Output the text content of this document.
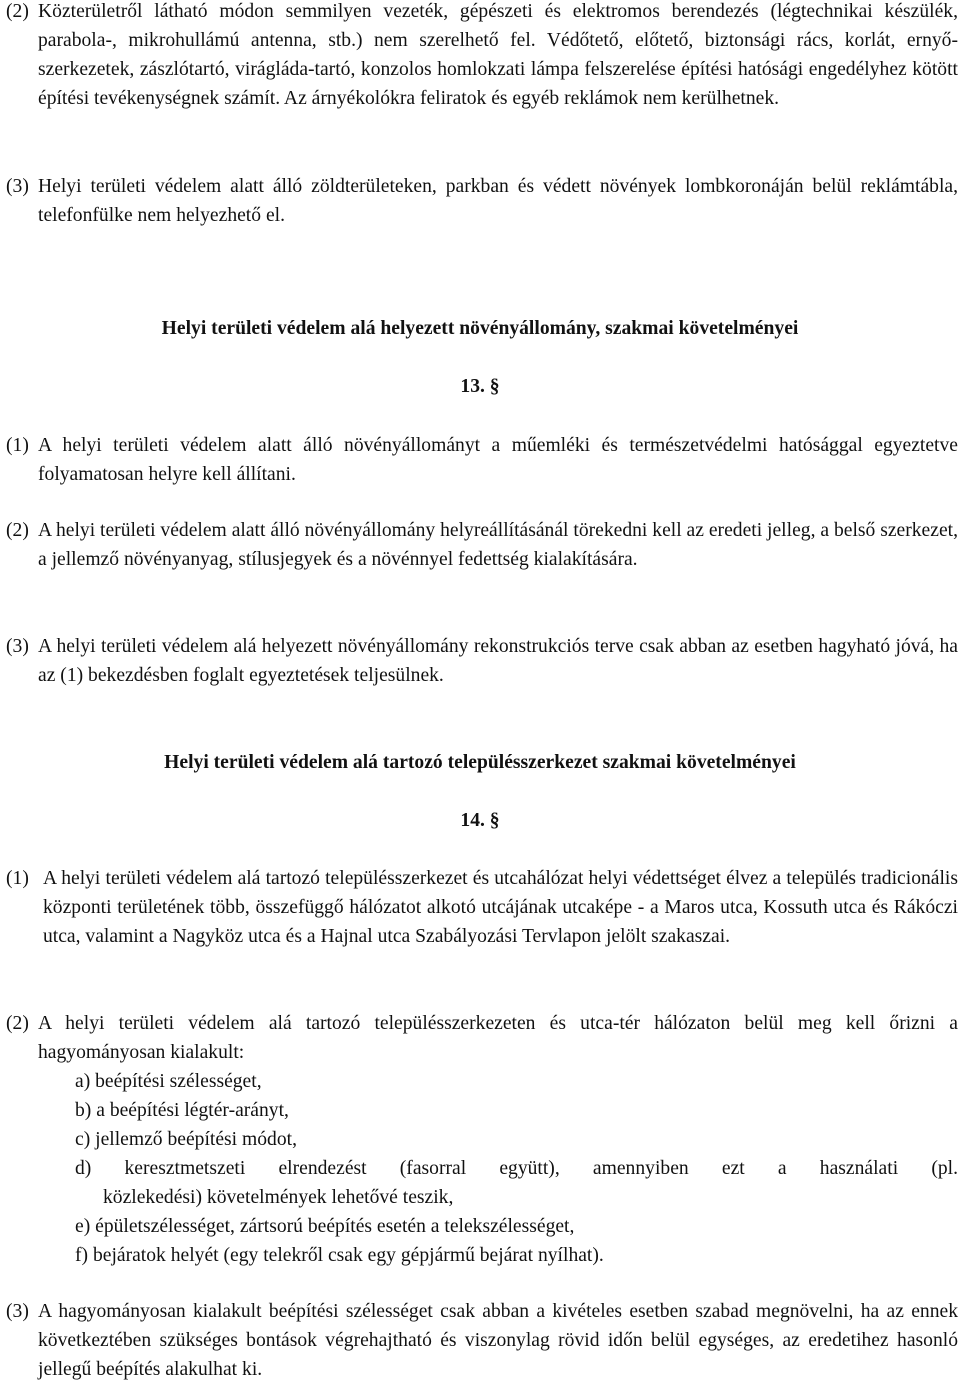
(2) Közterületről látható módon semmilyen vezeték, gépészeti és elektromos berendezés (légtechnikai készülék, parabola-, mikrohullámú antenna, stb.) nem szerelhető fel. Védőtető, előtető, biztonsági rács, korlát, ernyő-szerkezetek, zászlótartó, virágláda-tartó, konzolos homlokzati lámpa felszerelése építési hatósági engedélyhez kötött építési tevékenységnek számít. Az árnyékolókra feliratok és egyéb reklámok nem kerülhetnek.
(3) Helyi területi védelem alatt álló zöldterületeken, parkban és védett növények lombkoronáján belül reklámtábla, telefonfülke nem helyezhető el.
Helyi területi védelem alá helyezett növényállomány, szakmai követelményei
13. §
(1) A helyi területi védelem alatt álló növényállományt a műemléki és természetvédelmi hatósággal egyeztetve folyamatosan helyre kell állítani.
(2) A helyi területi védelem alatt álló növényállomány helyreállításánál törekedni kell az eredeti jelleg, a belső szerkezet, a jellemző növényanyag, stílusjegyek és a növénnyel fedettség kialakítására.
(3) A helyi területi védelem alá helyezett növényállomány rekonstrukciós terve csak abban az esetben hagyható jóvá, ha az (1) bekezdésben foglalt egyeztetések teljesülnek.
Helyi területi védelem alá tartozó településszerkezet szakmai követelményei
14. §
(1) A helyi területi védelem alá tartozó településszerkezet és utcahálózat helyi védettséget élvez a település tradicionális központi területének több, összefüggő hálózatot alkotó utcájának utcaképe - a Maros utca, Kossuth utca és Rákóczi utca, valamint a Nagyköz utca és a Hajnal utca Szabályozási Tervlapon jelölt szakaszai.
(2) A helyi területi védelem alá tartozó településszerkezeten és utca-tér hálózaton belül meg kell őrizni a hagyományosan kialakult:
a) beépítési szélességet,
b) a beépítési légtér-arányt,
c) jellemző beépítési módot,
d) keresztmetszeti elrendezést (fasorral együtt), amennyiben ezt a használati (pl.
közlekedési) követelmények lehetővé teszik,
e) épületszélességet, zártsorú beépítés esetén a telekszélességet,
f) bejáratok helyét (egy telekről csak egy gépjármű bejárat nyílhat).
(3) A hagyományosan kialakult beépítési szélességet csak abban a kivételes esetben szabad megnövelni, ha az ennek következtében szükséges bontások végrehajtható és viszonylag rövid időn belül egységes, az eredetihez hasonló jellegű beépítés alakulhat ki.
